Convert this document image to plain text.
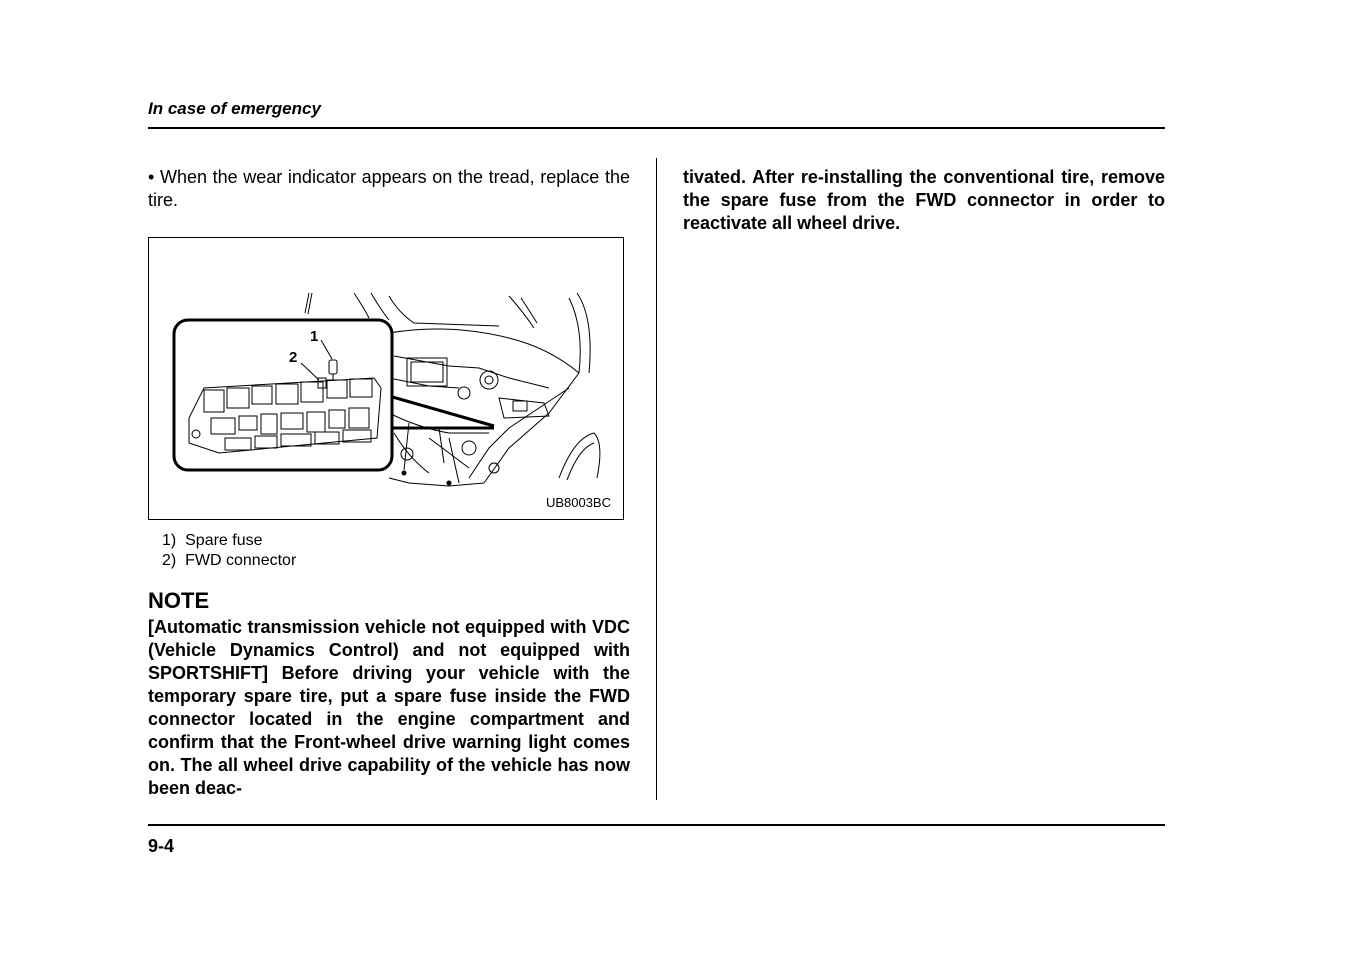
In case of emergency

• When the wear indicator appears on the tread, replace the tire.

1
2
UB8003BC
1) Spare fuse
2) FWD connector
NOTE

[Automatic transmission vehicle not equipped with VDC (Vehicle Dynamics Control) and not equipped with SPORTSHIFT] Before driving your vehicle with the temporary spare tire, put a spare fuse inside the FWD connector located in the engine compartment and confirm that the Front-wheel drive warning light comes on. The all wheel drive capability of the vehicle has now been deac-

tivated. After re-installing the conventional tire, remove the spare fuse from the FWD connector in order to reactivate all wheel drive.

9-4
